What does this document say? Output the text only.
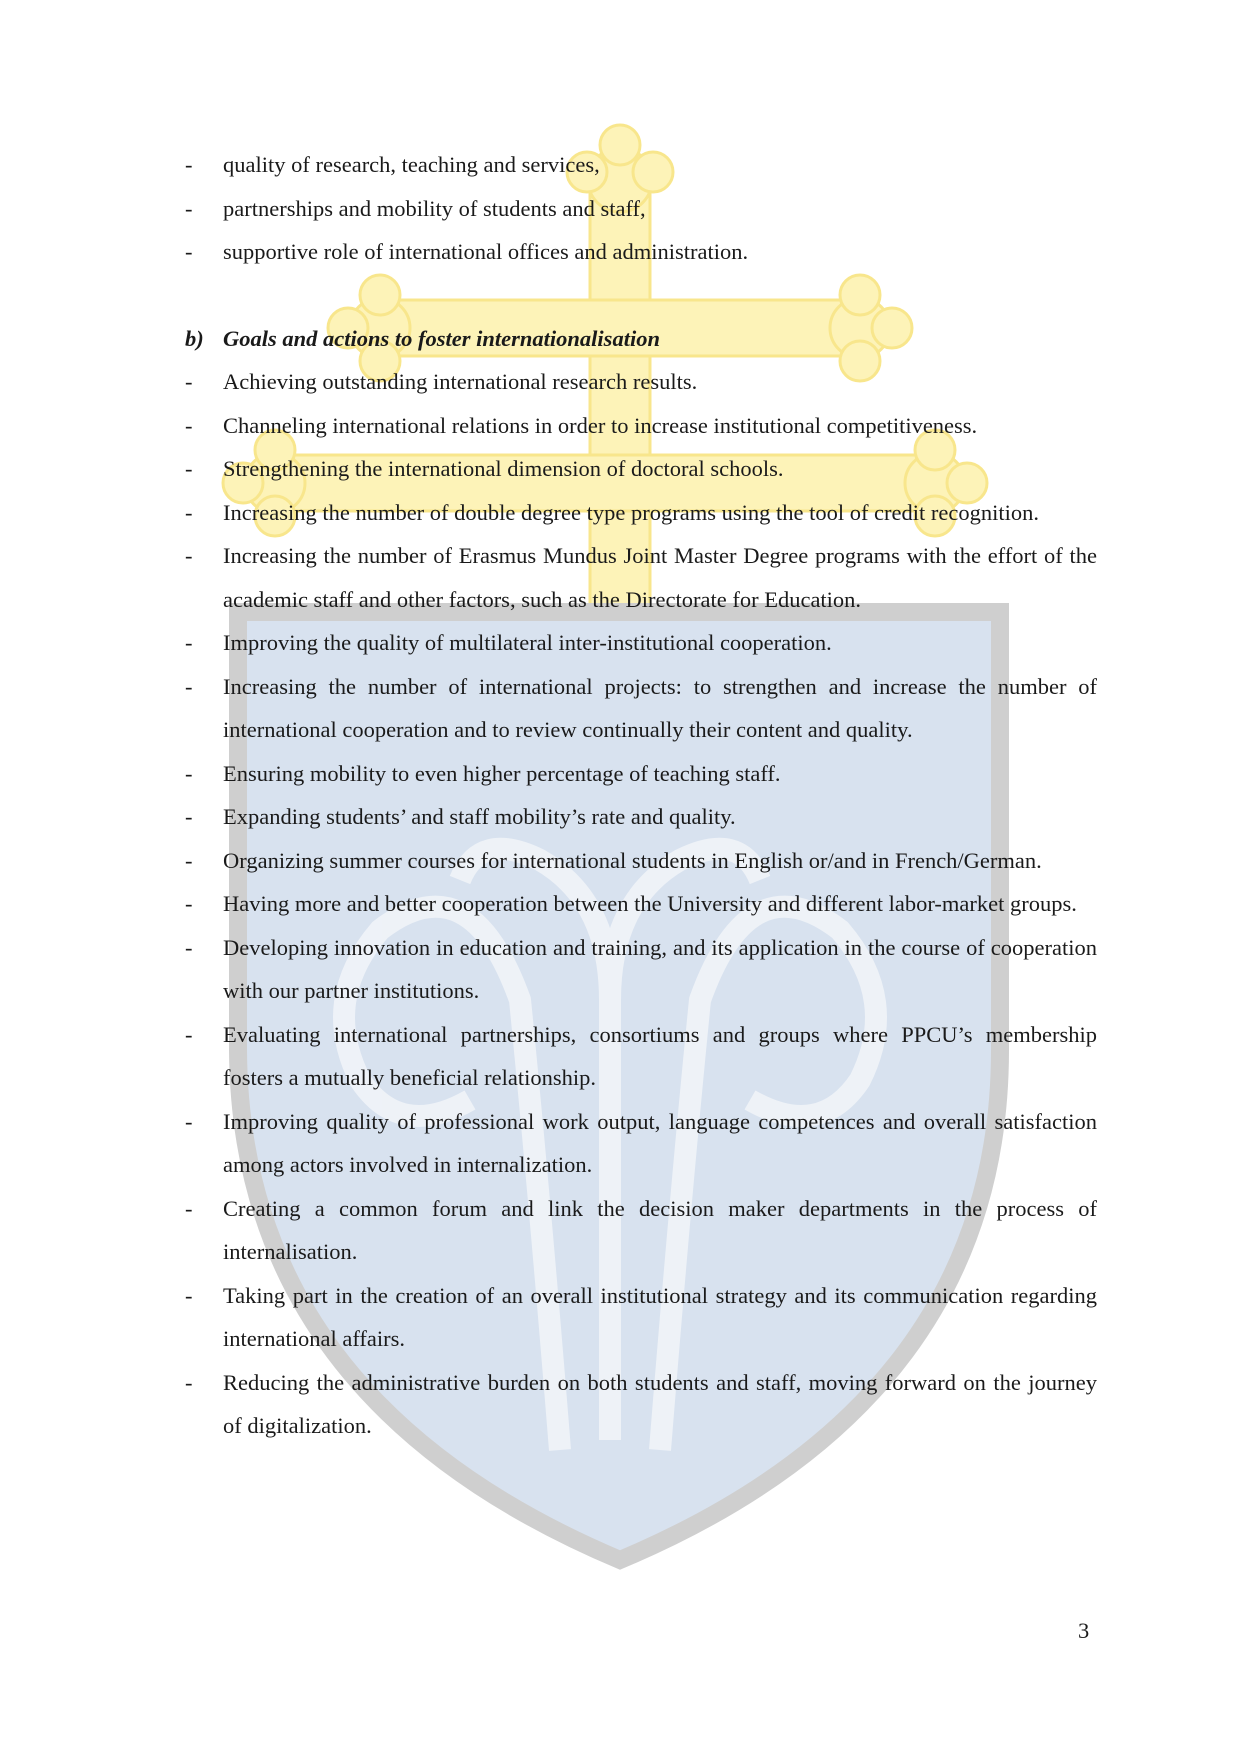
-	quality of research, teaching and services,
-	partnerships and mobility of students and staff,
-	supportive role of international offices and administration.
b) Goals and actions to foster internationalisation
-	Achieving outstanding international research results.
-	Channeling international relations in order to increase institutional competitiveness.
-	Strengthening the international dimension of doctoral schools.
-	Increasing the number of double degree type programs using the tool of credit recognition.
-	Increasing the number of Erasmus Mundus Joint Master Degree programs with the effort of the academic staff and other factors, such as the Directorate for Education.
-	Improving the quality of multilateral inter-institutional cooperation.
-	Increasing the number of international projects: to strengthen and increase the number of international cooperation and to review continually their content and quality.
-	Ensuring mobility to even higher percentage of teaching staff.
-	Expanding students’ and staff mobility’s rate and quality.
-	Organizing summer courses for international students in English or/and in French/German.
-	Having more and better cooperation between the University and different labor-market groups.
-	Developing innovation in education and training, and its application in the course of cooperation with our partner institutions.
-	Evaluating international partnerships, consortiums and groups where PPCU’s membership fosters a mutually beneficial relationship.
-	Improving quality of professional work output, language competences and overall satisfaction among actors involved in internalization.
-	Creating a common forum and link the decision maker departments in the process of internalisation.
-	Taking part in the creation of an overall institutional strategy and its communication regarding international affairs.
-	Reducing the administrative burden on both students and staff, moving forward on the journey of digitalization.
3
